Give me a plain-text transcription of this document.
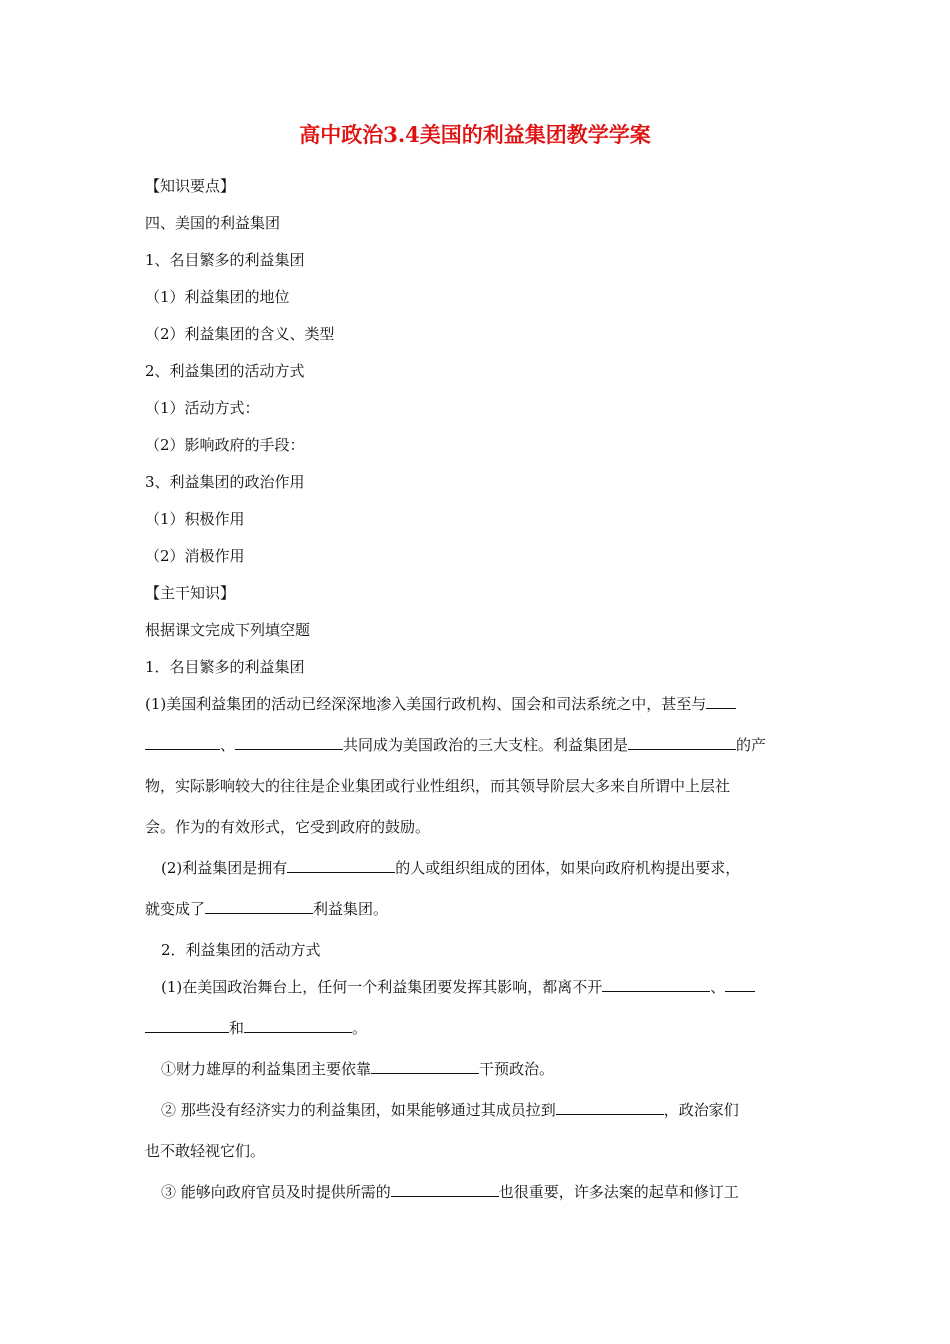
高中政治3.4美国的利益集团教学学案
【知识要点】
四、美国的利益集团
1、名目繁多的利益集团
（1）利益集团的地位
（2）利益集团的含义、类型
2、利益集团的活动方式
（1）活动方式：
（2）影响政府的手段：
3、利益集团的政治作用
（1）积极作用
（2）消极作用
【主干知识】
根据课文完成下列填空题
1．名目繁多的利益集团
(1)美国利益集团的活动已经深深地渗入美国行政机构、国会和司法系统之中，甚至与
、	共同成为美国政治的三大支柱。利益集团是	的产
物，实际影响较大的往往是企业集团或行业性组织，而其领导阶层大多来自所谓中上层社
会。作为的有效形式，它受到政府的鼓励。
(2)利益集团是拥有	的人或组织组成的团体，如果向政府机构提出要求，
就变成了	利益集团。
2．利益集团的活动方式
(1)在美国政治舞台上，任何一个利益集团要发挥其影响，都离不开	、
和	。
①财力雄厚的利益集团主要依靠	干预政治。
② 那些没有经济实力的利益集团，如果能够通过其成员拉到	，政治家们
也不敢轻视它们。
③ 能够向政府官员及时提供所需的	也很重要，许多法案的起草和修订工
